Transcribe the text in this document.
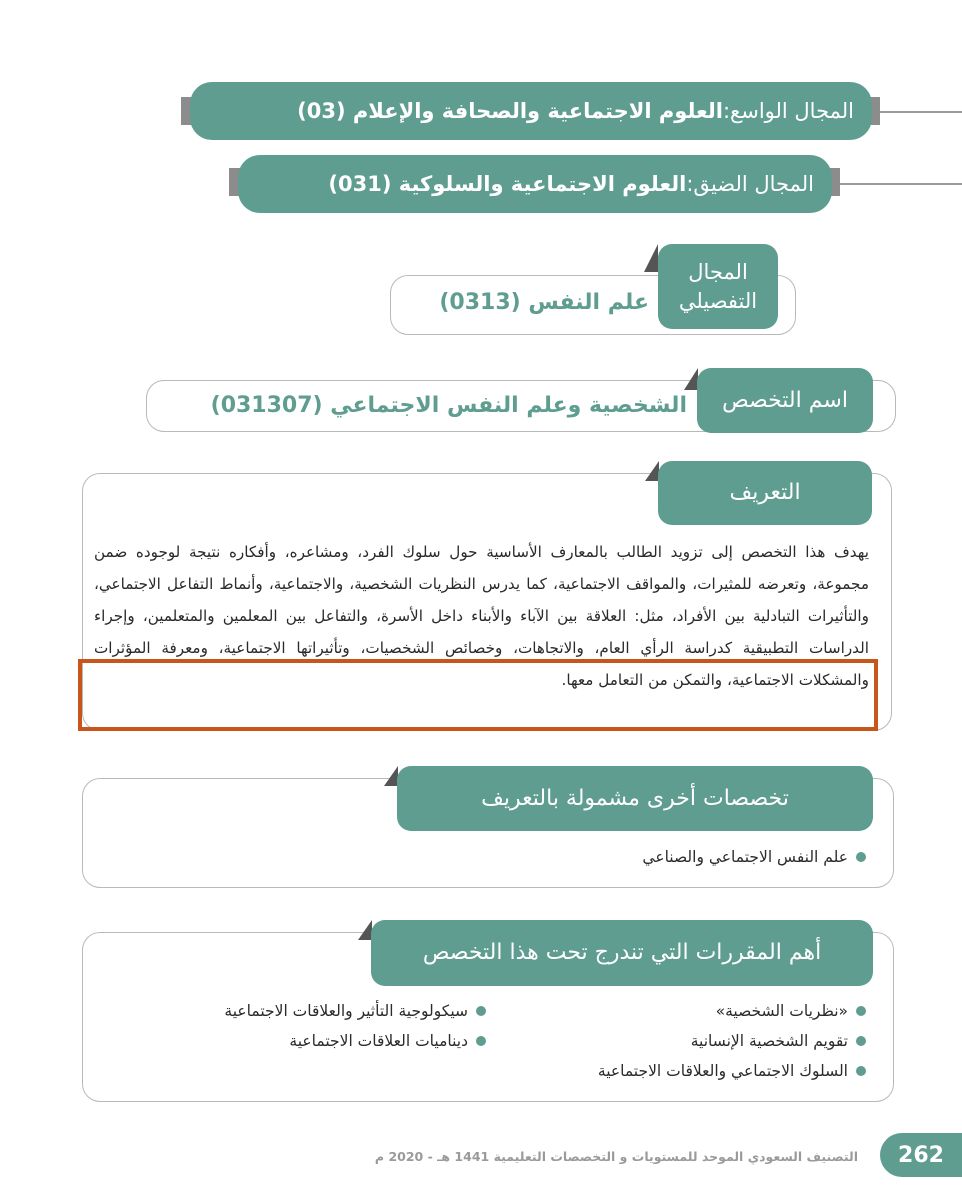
المجال الواسع:
العلوم الاجتماعية والصحافة والإعلام (03)
المجال الضيق:
العلوم الاجتماعية والسلوكية (031)
المجال
التفصيلي
علم النفس (0313)
اسم التخصص
الشخصية وعلم النفس الاجتماعي (031307)
التعريف
يهدف هذا التخصص إلى تزويد الطالب بالمعارف الأساسية حول سلوك الفرد، ومشاعره، وأفكاره نتيجة لوجوده ضمن مجموعة، وتعرضه للمثيرات، والمواقف الاجتماعية، كما يدرس النظريات الشخصية، والاجتماعية، وأنماط التفاعل الاجتماعي، والتأثيرات التبادلية بين الأفراد، مثل: العلاقة بين الآباء والأبناء داخل الأسرة، والتفاعل بين المعلمين والمتعلمين، وإجراء الدراسات التطبيقية كدراسة الرأي العام، والاتجاهات، وخصائص الشخصيات، وتأثيراتها الاجتماعية، ومعرفة المؤثرات والمشكلات الاجتماعية، والتمكن من التعامل معها.
تخصصات أخرى مشمولة بالتعريف
علم النفس الاجتماعي والصناعي
أهم المقررات التي تندرج تحت هذا التخصص
«نظريات الشخصية»
تقويم الشخصية الإنسانية
السلوك الاجتماعي والعلاقات الاجتماعية
سيكولوجية التأثير والعلاقات الاجتماعية
ديناميات العلاقات الاجتماعية
التصنيف السعودي الموحد للمستويات و التخصصات التعليمية 1441 هـ - 2020 م	262
